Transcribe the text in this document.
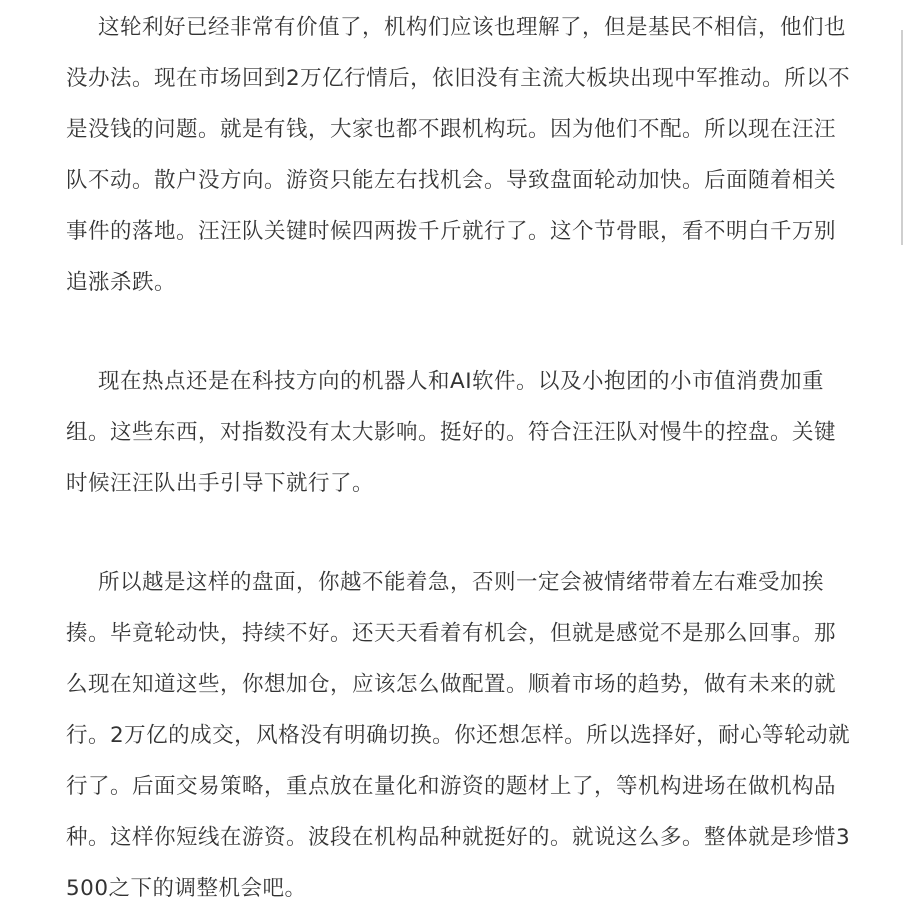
这轮利好已经非常有价值了，机构们应该也理解了，但是基民不相信，他们也没办法。现在市场回到2万亿行情后，依旧没有主流大板块出现中军推动。所以不是没钱的问题。就是有钱，大家也都不跟机构玩。因为他们不配。所以现在汪汪队不动。散户没方向。游资只能左右找机会。导致盘面轮动加快。后面随着相关事件的落地。汪汪队关键时候四两拨千斤就行了。这个节骨眼，看不明白千万别追涨杀跌。

现在热点还是在科技方向的机器人和AI软件。以及小抱团的小市值消费加重组。这些东西，对指数没有太大影响。挺好的。符合汪汪队对慢牛的控盘。关键时候汪汪队出手引导下就行了。

所以越是这样的盘面，你越不能着急，否则一定会被情绪带着左右难受加挨揍。毕竟轮动快，持续不好。还天天看着有机会，但就是感觉不是那么回事。那么现在知道这些，你想加仓，应该怎么做配置。顺着市场的趋势，做有未来的就行。2万亿的成交，风格没有明确切换。你还想怎样。所以选择好，耐心等轮动就行了。后面交易策略，重点放在量化和游资的题材上了，等机构进场在做机构品种。这样你短线在游资。波段在机构品种就挺好的。就说这么多。整体就是珍惜3500之下的调整机会吧。
